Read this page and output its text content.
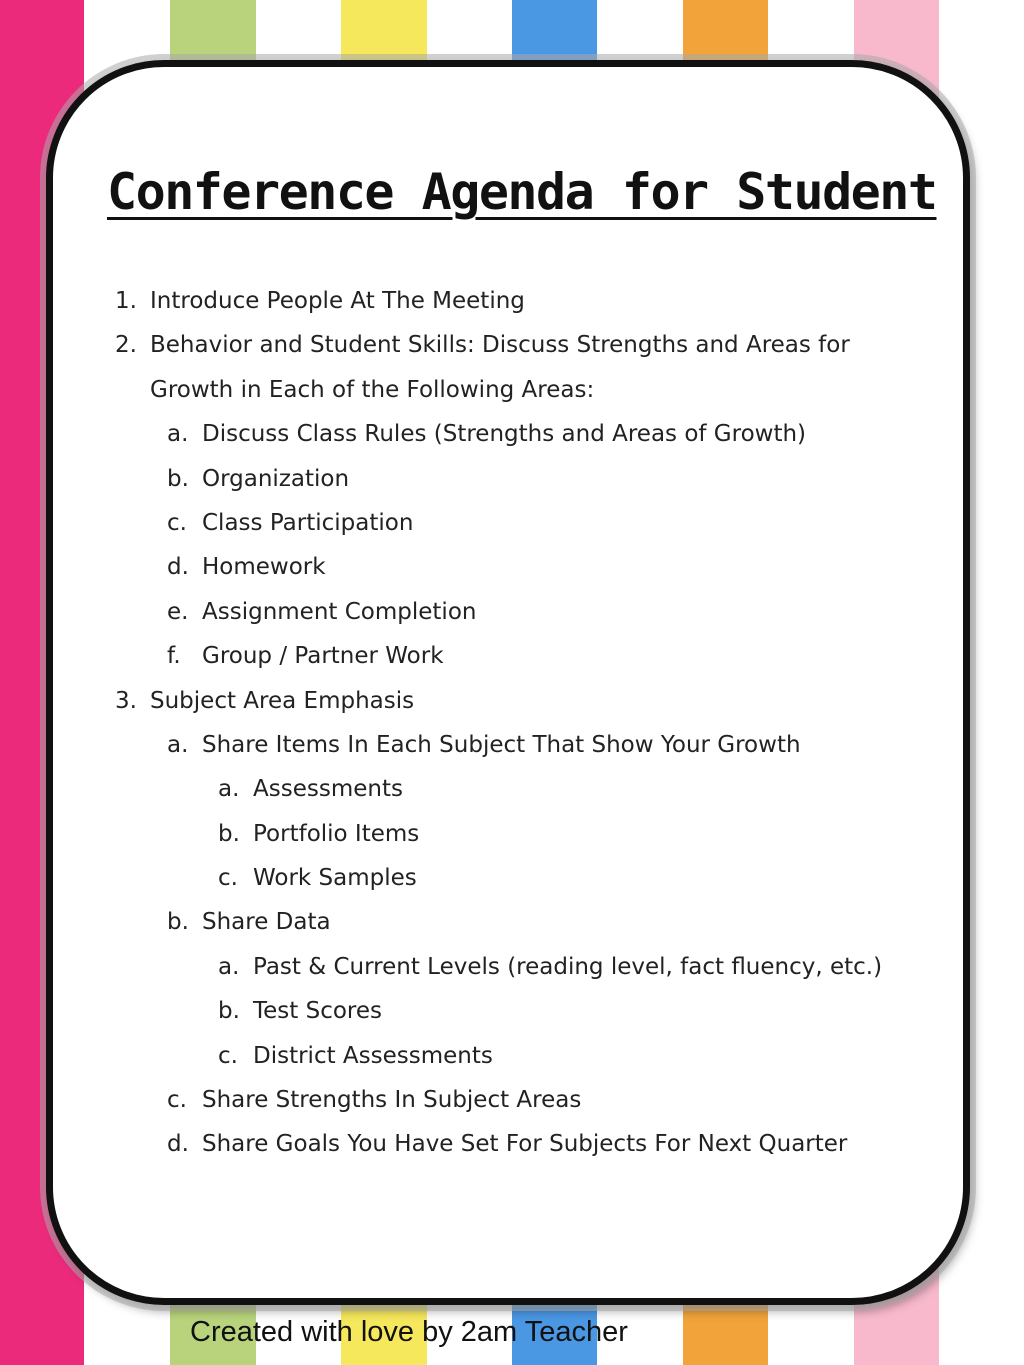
Conference Agenda for Student
1. Introduce People At The Meeting
2. Behavior and Student Skills: Discuss Strengths and Areas for
Growth in Each of the Following Areas:
a. Discuss Class Rules (Strengths and Areas of Growth)
b. Organization
c. Class Participation
d. Homework
e. Assignment Completion
f. Group / Partner Work
3. Subject Area Emphasis
a. Share Items In Each Subject That Show Your Growth
a. Assessments
b. Portfolio Items
c. Work Samples
b. Share Data
a. Past & Current Levels (reading level, fact fluency, etc.)
b. Test Scores
c. District Assessments
c. Share Strengths In Subject Areas
d. Share Goals You Have Set For Subjects For Next Quarter

Created with love by 2am Teacher
